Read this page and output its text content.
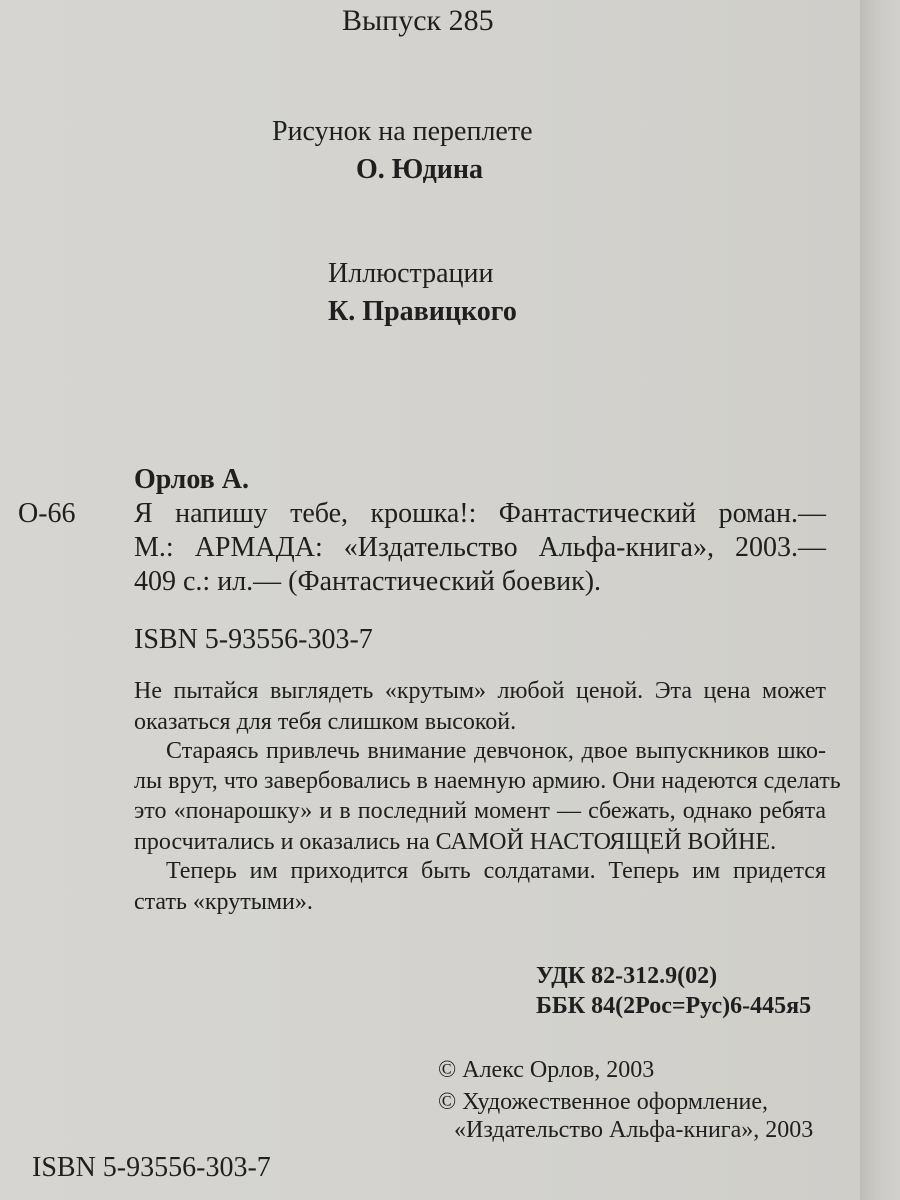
Выпуск 285
Рисунок на переплете
О. Юдина
Иллюстрации
К. Правицкого
Орлов А.
О-66 Я напишу тебе, крошка!: Фантастический роман.—
М.: АРМАДА: «Издательство Альфа-книга», 2003.—
409 с.: ил.— (Фантастический боевик).
ISBN 5-93556-303-7
Не пытайся выглядеть «крутым» любой ценой. Эта цена может
оказаться для тебя слишком высокой.
Стараясь привлечь внимание девчонок, двое выпускников шко-
лы врут, что завербовались в наемную армию. Они надеются сделать
это «понарошку» и в последний момент — сбежать, однако ребята
просчитались и оказались на САМОЙ НАСТОЯЩЕЙ ВОЙНЕ.
Теперь им приходится быть солдатами. Теперь им придется
стать «крутыми».
УДК 82-312.9(02)
ББК 84(2Рос=Рус)6-445я5
© Алекс Орлов, 2003
© Художественное оформление,
«Издательство Альфа-книга», 2003
ISBN 5-93556-303-7
